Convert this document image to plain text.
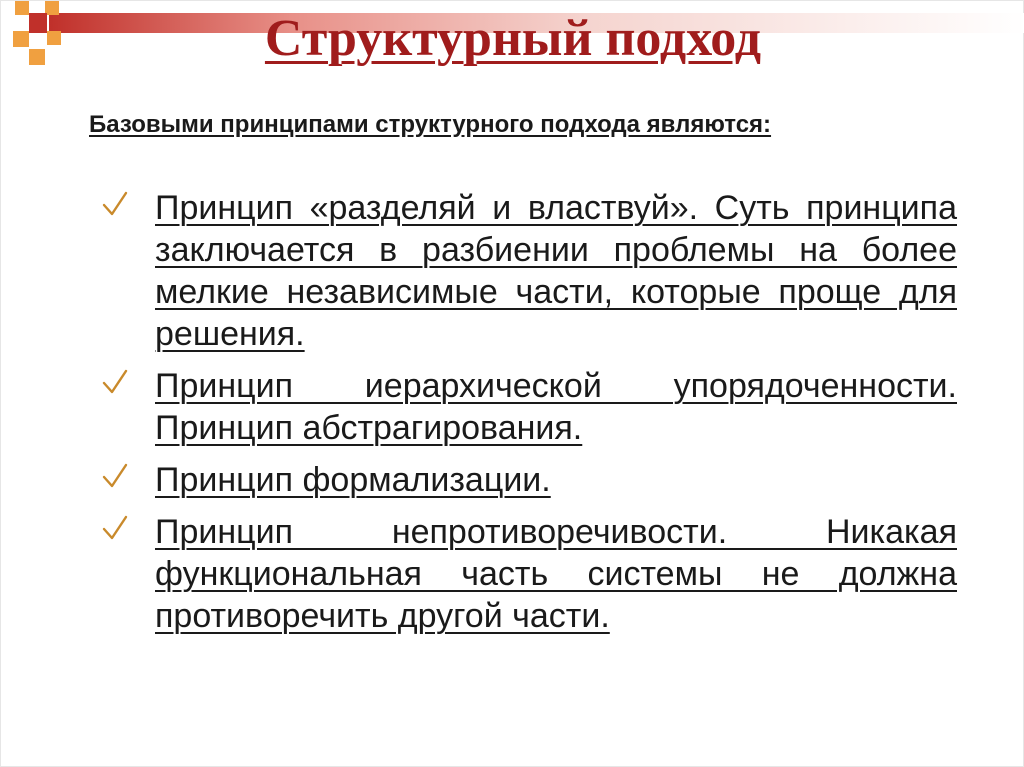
Структурный подход
Базовыми принципами структурного подхода являются:
Принцип «разделяй и властвуй». Суть принципа заключается в разбиении проблемы на более мелкие независимые части, которые проще для решения.
Принцип иерархической упорядоченности. Принцип абстрагирования.
Принцип формализации.
Принцип непротиворечивости. Никакая функциональная часть системы не должна противоречить другой части.
